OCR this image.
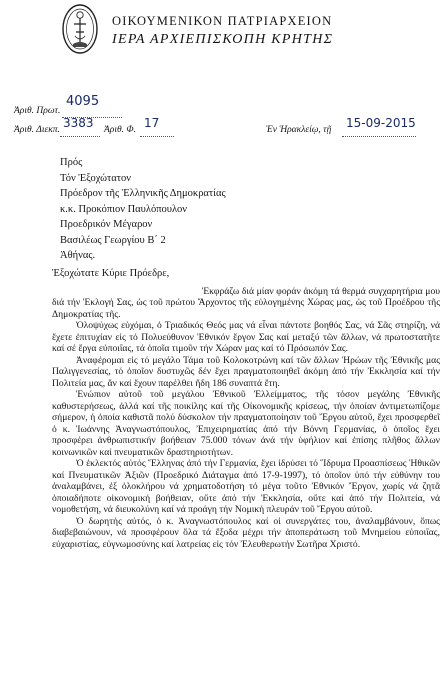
ΟΙΚΟΥΜΕΝΙΚΟΝ ΠΑΤΡΙΑΡΧΕΙΟΝ
ΙΕΡΑ ΑΡΧΙΕΠΙΣΚΟΠΗ ΚΡΗΤΗΣ
Ἀριθ. Πρωτ.
4095
Ἀριθ. Διεκπ. 3383 Ἀριθ. Φ. 17	Ἐν Ἡρακλείῳ, τῇ 15-09-2015
Πρός
Τόν Ἐξοχώτατον
Πρόεδρον τῆς Ἑλληνικῆς Δημοκρατίας
κ.κ. Προκόπιον Παυλόπουλον
Προεδρικόν Μέγαρον
Βασιλέως Γεωργίου Β΄ 2
Ἀθήνας.

Ἐξοχώτατε Κύριε Πρόεδρε,

Ἐκφράζω διά μίαν φοράν ἀκόμη τά θερμά συγχαρητήρια μου διά τήν Ἐκλογή Σας, ὡς τοῦ πρώτου Ἄρχοντος τῆς εὐλογημένης Χώρας μας, ὡς τοῦ Προέδρου τῆς Δημοκρατίας τῆς.

Ὁλοψύχως εὐχόμαι, ὁ Τριαδικός Θεός μας νά εἶναι πάντοτε βοηθός Σας, νά Σᾶς στηρίζη, νά ἔχετε ἐπιτυχίαν εἰς τό Πολυεύθυνον Ἐθνικόν ἔργον Σας καί μεταξύ τῶν ἄλλων, νά πρωτοστατῆτε καί σέ ἔργα εὐποιΐας, τά ὁποῖα τιμοῦν τήν Χώραν μας καί τό Πρόσωπόν Σας.

Ἀναφέρομαι εἰς τό μεγάλο Τάμα τοῦ Κολοκοτρώνη καί τῶν ἄλλων Ἡρώων τῆς Ἐθνικῆς μας Παλιγγενεσίας, τό ὁποῖον δυστυχῶς δέν ἔχει πραγματοποιηθεῖ ἀκόμη ἀπό τήν Ἐκκλησία καί τήν Πολιτεία μας, ἄν καί ἔχουν παρέλθει ἤδη 186 συναπτά ἔτη.

Ἐνώπιον αὐτοῦ τοῦ μεγάλου Ἐθνικοῦ Ἐλλείμματος, τῆς τόσον μεγάλης Ἐθνικῆς καθυστερήσεως, ἀλλά καί τῆς ποικίλης καί τῆς Οἰκονομικῆς κρίσεως, τήν ὁποίαν ἀντιμετωπίζομε σήμερον, ἡ ὁποία καθιστᾶ πολύ δύσκολον τήν πραγματοποίησιν τοῦ Ἔργου αὐτοῦ, ἔχει προσφερθεῖ ὁ κ. Ἰωάννης Ἀναγνωστόπουλος, Ἐπιχειρηματίας ἀπό τήν Βόννη Γερμανίας, ὁ ὁποῖος ἔχει προσφέρει ἀνθρωπιστικήν βοήθειαν 75.000 τόνων ἀνά τήν ὑφήλιον καί ἐπίσης πλῆθος ἄλλων κοινωνικῶν καί πνευματικῶν δραστηριοτήτων.

Ὁ ἐκλεκτός αὐτός Ἕλληνας ἀπό τήν Γερμανία, ἔχει ἱδρύσει τό Ἵδρυμα Προασπίσεως Ἠθικῶν καί Πνευματικῶν Ἀξιῶν (Προεδρικό Διάταγμα ἀπό 17-9-1997), τό ὁποῖον ὑπό τήν εὐθύνην του ἀναλαμβάνει, ἐξ ὁλοκλήρου νά χρηματοδοτήση τό μέγα τοῦτο Ἐθνικόν Ἔργον, χωρίς νά ζητᾶ ὁποιαδήποτε οἰκονομική βοήθειαν, οὔτε ἀπό τήν Ἐκκλησία, οὔτε καί ἀπό τήν Πολιτεία, νά νομοθετήση, νά διευκολύνη καί νά προάγη τήν Νομική πλευράν τοῦ Ἔργου αὐτοῦ.

Ὁ δωρητής αὐτός, ὁ κ. Ἀναγνωστόπουλος καί οἱ συνεργάτες του, ἀναλαμβάνουν, ὅπως διαβεβαιώνουν, νά προσφέρουν ὅλα τά ἔξοδα μέχρι τήν ἀποπεράτωση τοῦ Μνημείου εὐποιΐας, εὐχαριστίας, εὐγνωμοσύνης καί λατρείας εἰς τόν Ἐλευθερωτήν Σωτῆρα Χριστό.
